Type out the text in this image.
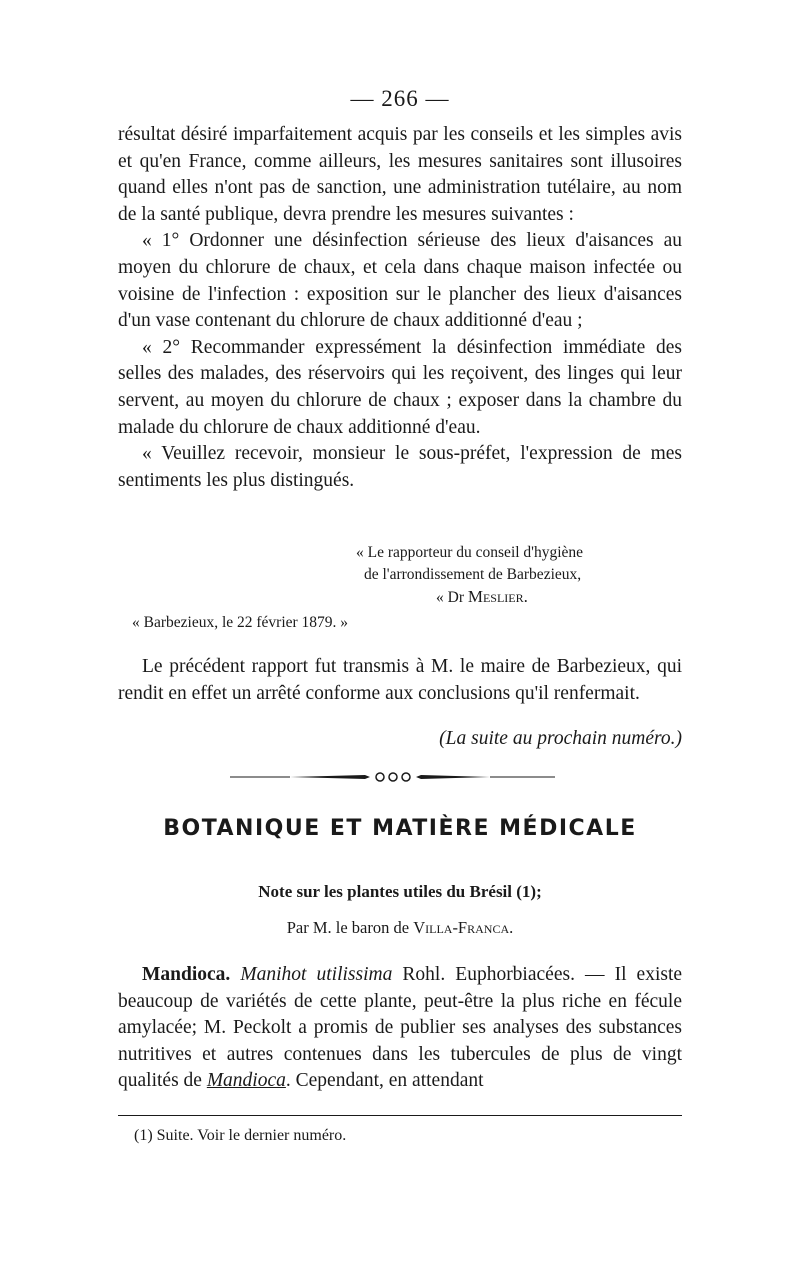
— 266 —

résultat désiré imparfaitement acquis par les conseils et les simples avis et qu'en France, comme ailleurs, les mesures sanitaires sont illusoires quand elles n'ont pas de sanction, une administration tutélaire, au nom de la santé publique, devra prendre les mesures suivantes :

« 1° Ordonner une désinfection sérieuse des lieux d'aisances au moyen du chlorure de chaux, et cela dans chaque maison infectée ou voisine de l'infection : exposition sur le plancher des lieux d'aisances d'un vase contenant du chlorure de chaux additionné d'eau ;

« 2° Recommander expressément la désinfection immédiate des selles des malades, des réservoirs qui les reçoivent, des linges qui leur servent, au moyen du chlorure de chaux ; exposer dans la chambre du malade du chlorure de chaux additionné d'eau.

« Veuillez recevoir, monsieur le sous-préfet, l'expression de mes sentiments les plus distingués.

« Le rapporteur du conseil d'hygiène
de l'arrondissement de Barbezieux,
« Dr Meslier.
« Barbezieux, le 22 février 1879. »

Le précédent rapport fut transmis à M. le maire de Barbezieux, qui rendit en effet un arrêté conforme aux conclusions qu'il renfermait.

(La suite au prochain numéro.)
BOTANIQUE ET MATIÈRE MÉDICALE
Note sur les plantes utiles du Brésil (1);
Par M. le baron de Villa-Franca.

Mandioca. Manihot utilissima Rohl. Euphorbiacées. — Il existe beaucoup de variétés de cette plante, peut-être la plus riche en fécule amylacée; M. Peckolt a promis de publier ses analyses des substances nutritives et autres contenues dans les tubercules de plus de vingt qualités de Mandioca. Cependant, en attendant

(1) Suite. Voir le dernier numéro.
